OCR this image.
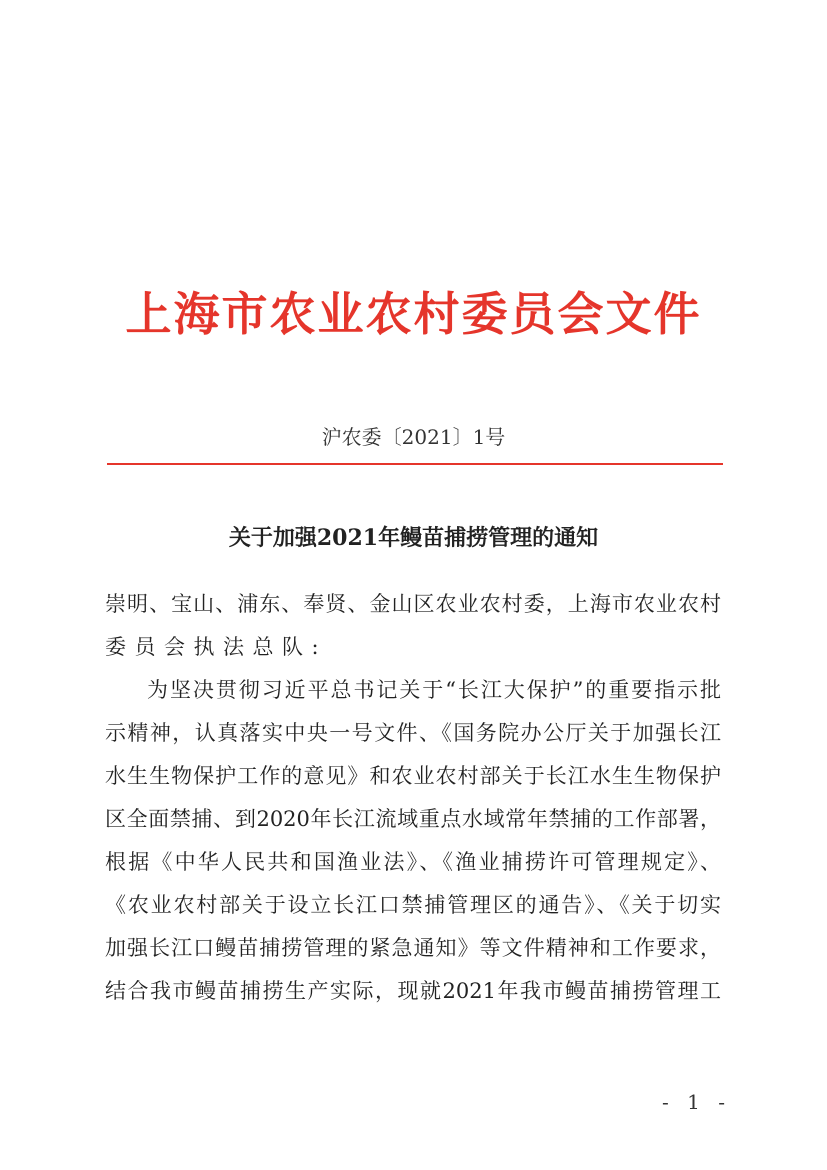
上海市农业农村委员会文件
沪农委〔2021〕1号
关于加强2021年鳗苗捕捞管理的通知
崇明、宝山、浦东、奉贤、金山区农业农村委，上海市农业农村
委员会执法总队:
为坚决贯彻习近平总书记关于“长江大保护”的重要指示批
示精神，认真落实中央一号文件、《国务院办公厅关于加强长江
水生生物保护工作的意见》和农业农村部关于长江水生生物保护
区全面禁捕、到2020年长江流域重点水域常年禁捕的工作部署，
根据《中华人民共和国渔业法》、《渔业捕捞许可管理规定》、
《农业农村部关于设立长江口禁捕管理区的通告》、《关于切实
加强长江口鳗苗捕捞管理的紧急通知》等文件精神和工作要求，
结合我市鳗苗捕捞生产实际，现就2021年我市鳗苗捕捞管理工
- 1 -
